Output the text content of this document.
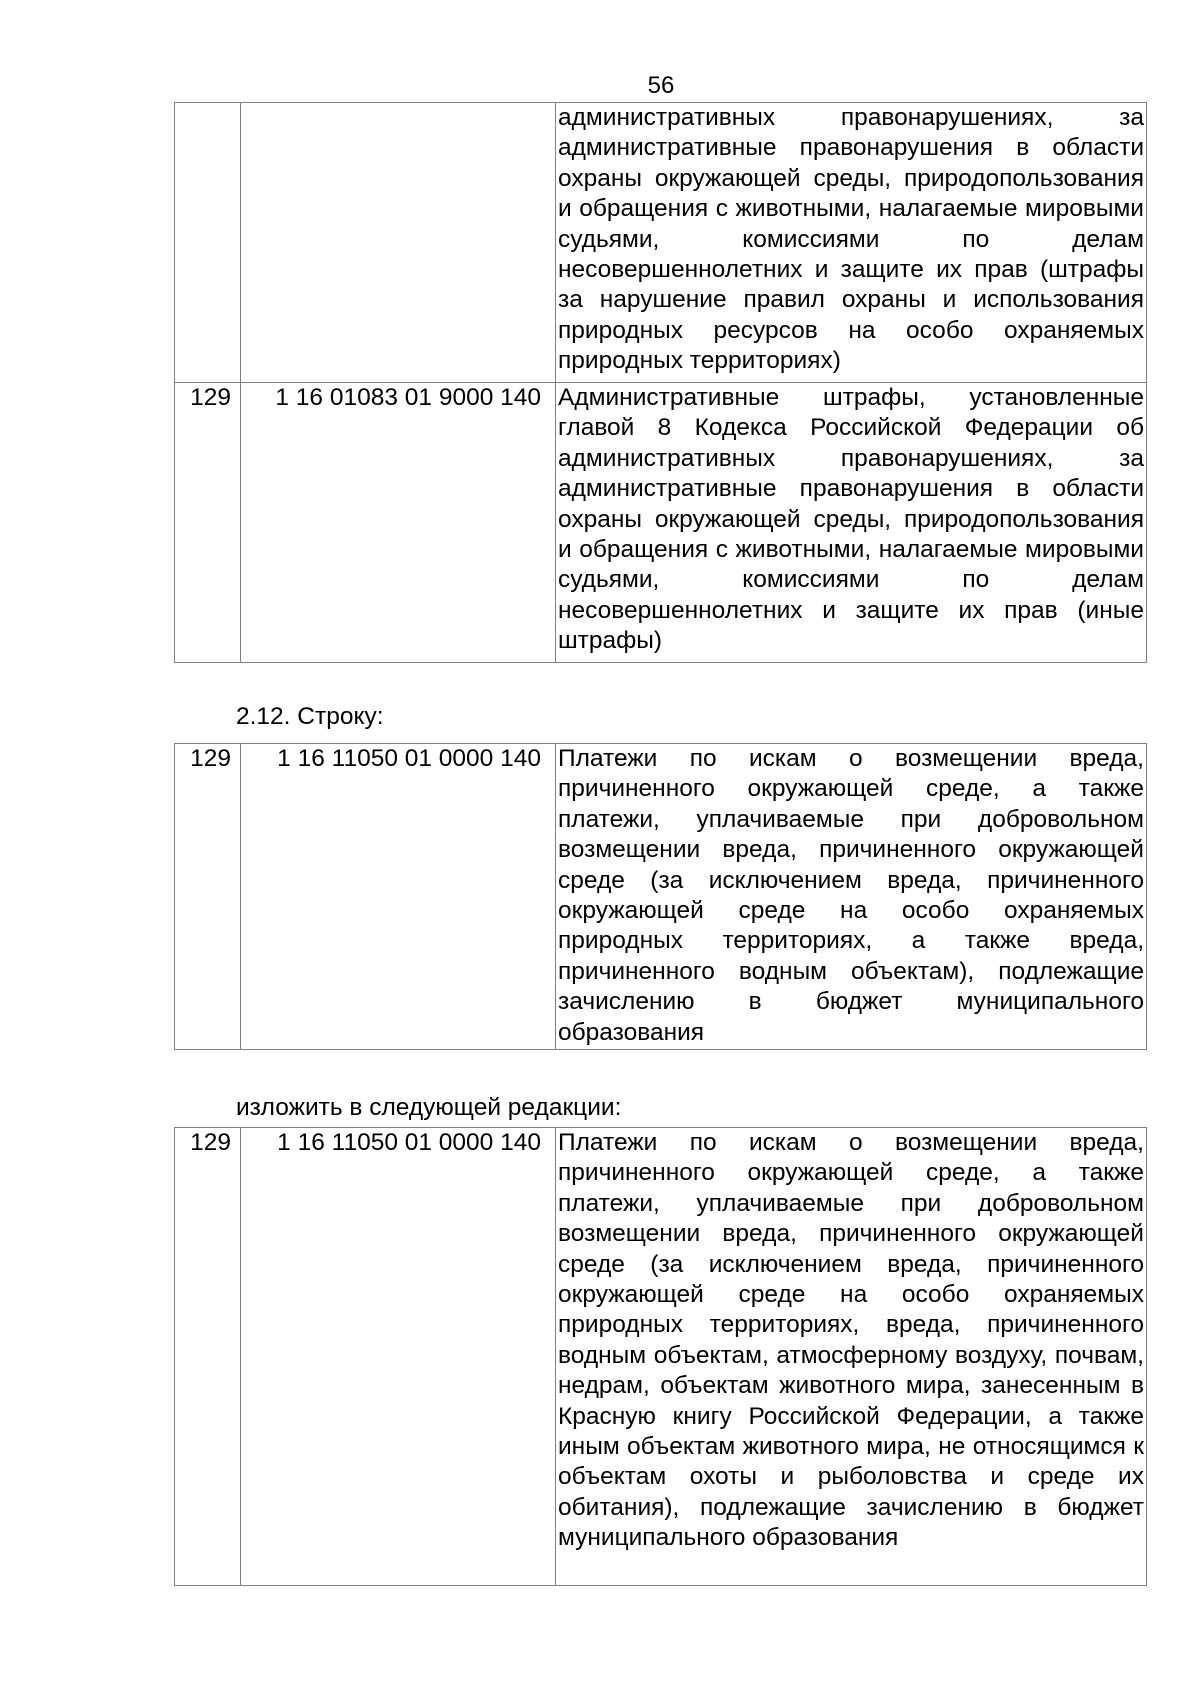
56
		административных правонарушениях, за административные правонарушения в области охраны окружающей среды, природопользования и обращения с животными, налагаемые мировыми судьями, комиссиями по делам несовершеннолетних и защите их прав (штрафы за нарушение правил охраны и использования природных ресурсов на особо охраняемых природных территориях)
129	1 16 01083 01 9000 140	Административные штрафы, установленные главой 8 Кодекса Российской Федерации об административных правонарушениях, за административные правонарушения в области охраны окружающей среды, природопользования и обращения с животными, налагаемые мировыми судьями, комиссиями по делам несовершеннолетних и защите их прав (иные штрафы)
2.12. Строку:
129	1 16 11050 01 0000 140	Платежи по искам о возмещении вреда, причиненного окружающей среде, а также платежи, уплачиваемые при добровольном возмещении вреда, причиненного окружающей среде (за исключением вреда, причиненного окружающей среде на особо охраняемых природных территориях, а также вреда, причиненного водным объектам), подлежащие зачислению в бюджет муниципального образования
изложить в следующей редакции:
129	1 16 11050 01 0000 140	Платежи по искам о возмещении вреда, причиненного окружающей среде, а также платежи, уплачиваемые при добровольном возмещении вреда, причиненного окружающей среде (за исключением вреда, причиненного окружающей среде на особо охраняемых природных территориях, вреда, причиненного водным объектам, атмосферному воздуху, почвам, недрам, объектам животного мира, занесенным в Красную книгу Российской Федерации, а также иным объектам животного мира, не относящимся к объектам охоты и рыболовства и среде их обитания), подлежащие зачислению в бюджет муниципального образования
